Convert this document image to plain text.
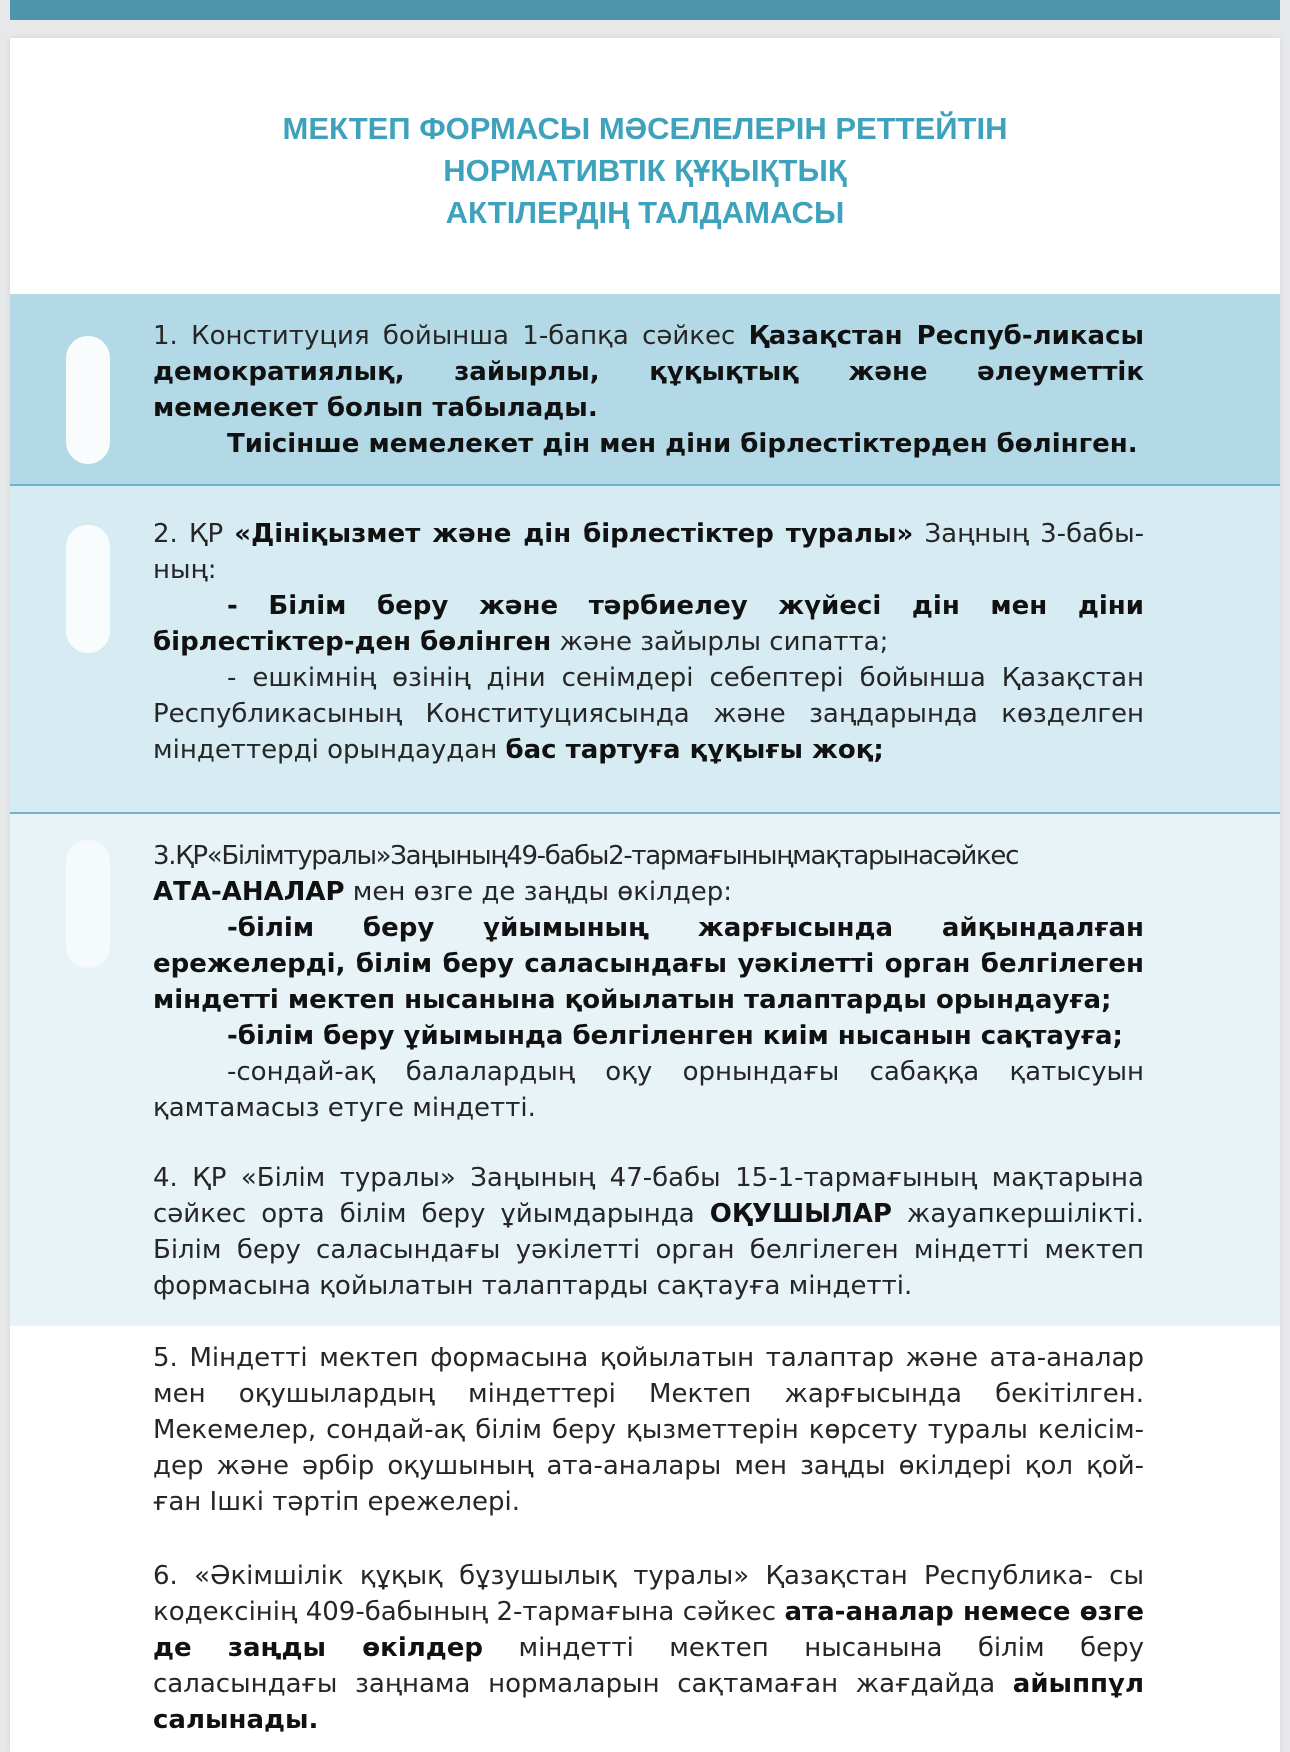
МЕКТЕП ФОРМАСЫ МӘСЕЛЕЛЕРІН РЕТТЕЙТІН
НОРМАТИВТІК ҚҰҚЫҚТЫҚ
АКТІЛЕРДІҢ ТАЛДАМАСЫ

1. Конституция бойынша 1-бапқа сәйкес Қазақстан Респуб-ликасы демократиялық, зайырлы, құқықтық және әлеуметтік мемелекет болып табылады.

Тиісінше мемелекет дін мен діни бірлестіктерден бөлінген.

2. ҚР «Дініқызмет және дін бірлестіктер туралы» Заңның 3-бабы-ның:

- Білім беру және тәрбиелеу жүйесі дін мен діни бірлестіктер-ден бөлінген және зайырлы сипатта;

- ешкімнің өзінің діни сенімдері себептері бойынша Қазақстан Республикасының Конституциясында және заңдарында көзделген міндеттерді орындаудан бас тартуға құқығы жоқ;

3.ҚР«Білімтуралы»Заңының49-бабы2-тармағыныңмақтарынасәйкес

АТА-АНАЛАР мен өзге де заңды өкілдер:

-білім беру ұйымының жарғысында айқындалған ережелерді, білім беру саласындағы уәкілетті орган белгілеген міндетті мектеп нысанына қойылатын талаптарды орындауға;

-білім беру ұйымында белгіленген киім нысанын сақтауға;

-сондай-ақ балалардың оқу орнындағы сабаққа қатысуын қамтамасыз етуге міндетті.

4. ҚР «Білім туралы» Заңының 47-бабы 15-1-тармағының мақтарына сәйкес орта білім беру ұйымдарында ОҚУШЫЛАР жауапкершілікті. Білім беру саласындағы уәкілетті орган белгілеген міндетті мектеп формасына қойылатын талаптарды сақтауға міндетті.

5. Міндетті мектеп формасына қойылатын талаптар және ата-аналар мен оқушылардың міндеттері Мектеп жарғысында бекітілген. Мекемелер, сондай-ақ білім беру қызметтерін көрсету туралы келісім-дер және әрбір оқушының ата-аналары мен заңды өкілдері қол қой-ған Ішкі тәртіп ережелері.

6. «Әкімшілік құқық бұзушылық туралы» Қазақстан Республика- сы кодексінің 409-бабының 2-тармағына сәйкес ата-аналар немесе өзге де заңды өкілдер міндетті мектеп нысанына білім беру саласындағы заңнама нормаларын сақтамаған жағдайда айыппұл салынады.
